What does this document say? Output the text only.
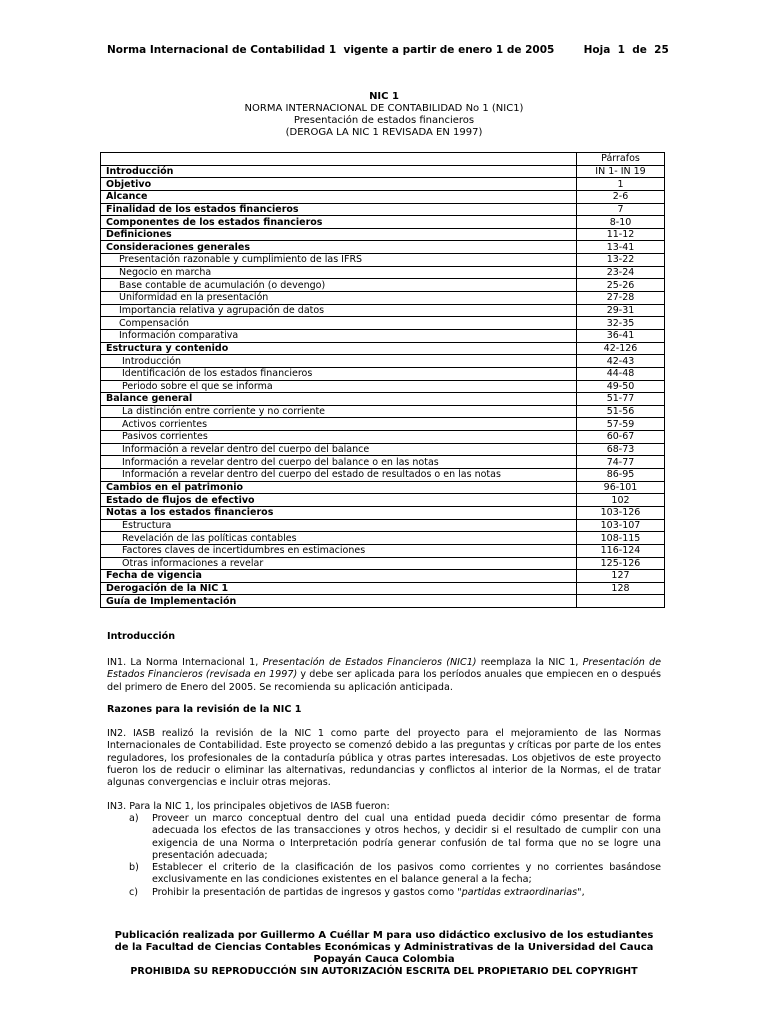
Norma Internacional de Contabilidad 1  vigente a partir de enero 1 de 2005	Hoja  1  de  25
NIC 1
NORMA INTERNACIONAL DE CONTABILIDAD No 1 (NIC1)
Presentación de estados financieros
(DEROGA LA NIC 1 REVISADA EN 1997)
	Párrafos
Introducción	IN 1- IN 19
Objetivo	1
Alcance	2-6
Finalidad de los estados financieros	7
Componentes de los estados financieros	8-10
Definiciones	11-12
Consideraciones generales	13-41
Presentación razonable y cumplimiento de las IFRS	13-22
Negocio en marcha	23-24
Base contable de acumulación (o devengo)	25-26
Uniformidad en la presentación	27-28
Importancia relativa y agrupación de datos	29-31
Compensación	32-35
Información comparativa	36-41
Estructura y contenido	42-126
Introducción	42-43
Identificación de los estados financieros	44-48
Periodo sobre el que se informa	49-50
Balance general	51-77
La distinción entre corriente y no corriente	51-56
Activos corrientes	57-59
Pasivos corrientes	60-67
Información a revelar dentro del cuerpo del balance	68-73
Información a revelar dentro del cuerpo del balance o en las notas	74-77
Información a revelar dentro del cuerpo del estado de resultados o en las notas	86-95
Cambios en el patrimonio	96-101
Estado de flujos de efectivo	102
Notas a los estados financieros	103-126
Estructura	103-107
Revelación de las políticas contables	108-115
Factores claves de incertidumbres en estimaciones	116-124
Otras informaciones a revelar	125-126
Fecha de vigencia	127
Derogación de la NIC 1	128
Guía de Implementación	
Introducción
IN1. La Norma Internacional 1, Presentación de Estados Financieros (NIC1) reemplaza la NIC 1, Presentación de Estados Financieros (revisada en 1997) y debe ser aplicada para los períodos anuales que empiecen en o después del primero de Enero del 2005. Se recomienda su aplicación anticipada.
Razones para la revisión de la NIC 1
IN2. IASB realizó la revisión de la NIC 1 como parte del proyecto para el mejoramiento de las Normas Internacionales de Contabilidad. Este proyecto se comenzó debido a las preguntas y críticas por parte de los entes reguladores, los profesionales de la contaduría pública y otras partes interesadas. Los objetivos de este proyecto fueron los de reducir o eliminar las alternativas, redundancias y conflictos al interior de la Normas, el de tratar algunas convergencias e incluir otras mejoras.
IN3. Para la NIC 1, los principales objetivos de IASB fueron:
a) Proveer un marco conceptual dentro del cual una entidad pueda decidir cómo presentar de forma adecuada los efectos de las transacciones y otros hechos, y decidir si el resultado de cumplir con una exigencia de una Norma o Interpretación podría generar confusión de tal forma que no se logre una presentación adecuada;
b) Establecer el criterio de la clasificación de los pasivos como corrientes y no corrientes basándose exclusivamente en las condiciones existentes en el balance general a la fecha;
c) Prohibir la presentación de partidas de ingresos y gastos como "partidas extraordinarias",
Publicación realizada por Guillermo A Cuéllar M para uso didáctico exclusivo de los estudiantes
de la Facultad de Ciencias Contables Económicas y Administrativas de la Universidad del Cauca
Popayán Cauca Colombia
PROHIBIDA SU REPRODUCCIÓN SIN AUTORIZACIÓN ESCRITA DEL PROPIETARIO DEL COPYRIGHT
